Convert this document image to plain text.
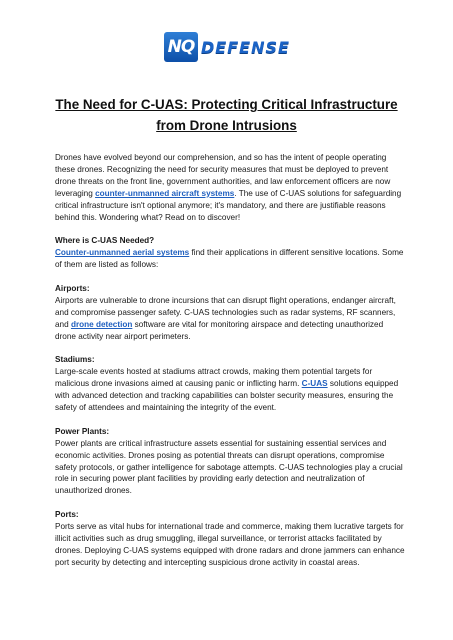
NQ DEFENSE
The Need for C-UAS: Protecting Critical Infrastructure from Drone Intrusions

Drones have evolved beyond our comprehension, and so has the intent of people operating these drones. Recognizing the need for security measures that must be deployed to prevent drone threats on the front line, government authorities, and law enforcement officers are now leveraging counter-unmanned aircraft systems. The use of C-UAS solutions for safeguarding critical infrastructure isn't optional anymore; it's mandatory, and there are justifiable reasons behind this. Wondering what? Read on to discover!

Where is C-UAS Needed?
Counter-unmanned aerial systems find their applications in different sensitive locations. Some of them are listed as follows:

Airports:
Airports are vulnerable to drone incursions that can disrupt flight operations, endanger aircraft, and compromise passenger safety. C-UAS technologies such as radar systems, RF scanners, and drone detection software are vital for monitoring airspace and detecting unauthorized drone activity near airport perimeters.

Stadiums:
Large-scale events hosted at stadiums attract crowds, making them potential targets for malicious drone invasions aimed at causing panic or inflicting harm. C-UAS solutions equipped with advanced detection and tracking capabilities can bolster security measures, ensuring the safety of attendees and maintaining the integrity of the event.

Power Plants:
Power plants are critical infrastructure assets essential for sustaining essential services and economic activities. Drones posing as potential threats can disrupt operations, compromise safety protocols, or gather intelligence for sabotage attempts. C-UAS technologies play a crucial role in securing power plant facilities by providing early detection and neutralization of unauthorized drones.

Ports:
Ports serve as vital hubs for international trade and commerce, making them lucrative targets for illicit activities such as drug smuggling, illegal surveillance, or terrorist attacks facilitated by drones. Deploying C-UAS systems equipped with drone radars and drone jammers can enhance port security by detecting and intercepting suspicious drone activity in coastal areas.
